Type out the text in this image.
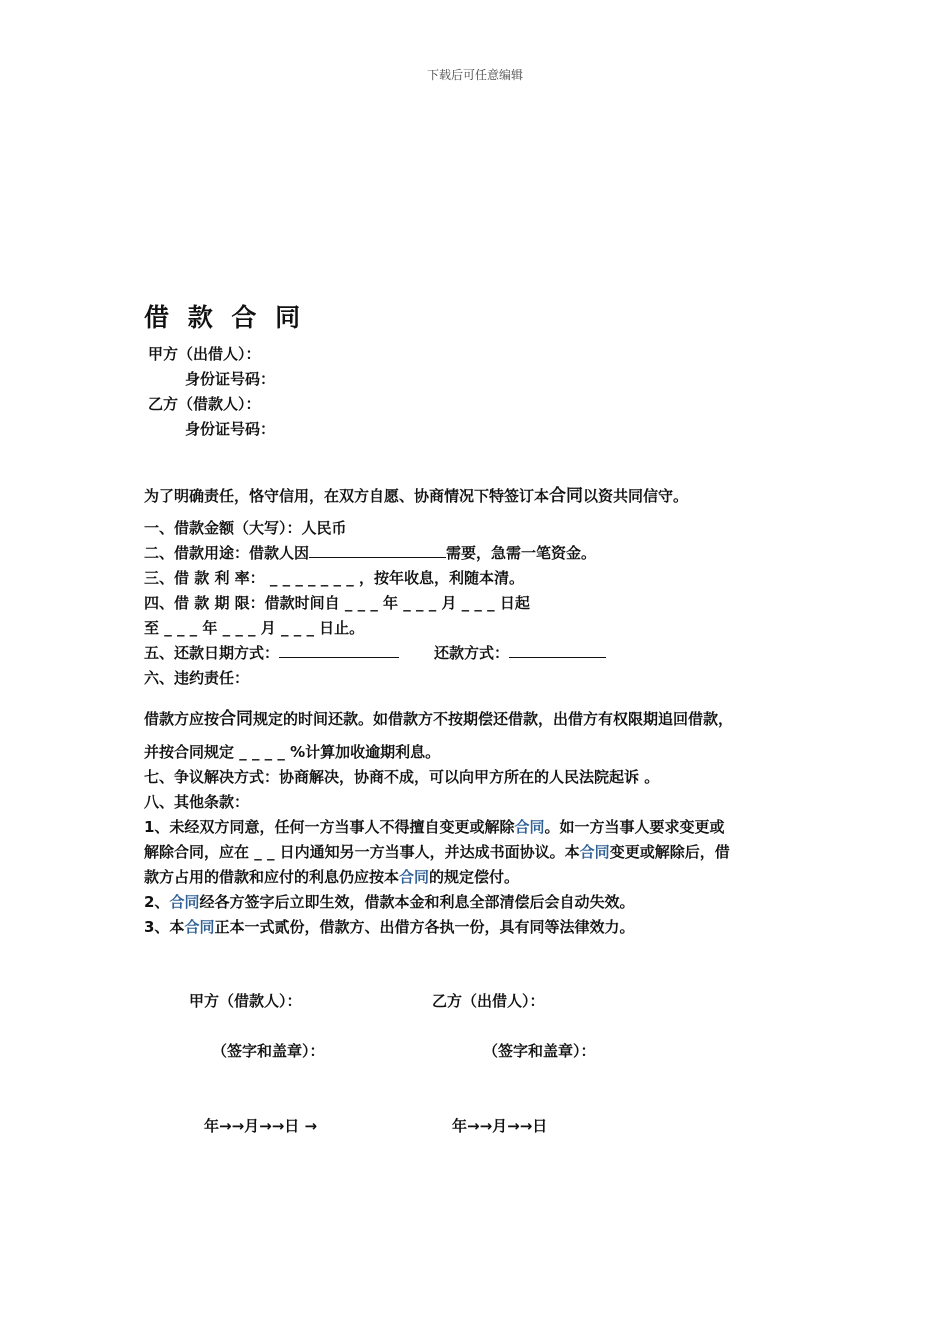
下载后可任意编辑
借 款 合 同
甲方（出借人）：
身份证号码：
乙方（借款人）：
身份证号码：
为了明确责任，恪守信用，在双方自愿、协商情况下特签订本合同以资共同信守。
一、借款金额（大写）：人民币
二、借款用途：借款人因	需要，急需一笔资金。
三、借 款 利 率： _ _ _ _ _ _ _ ，按年收息，利随本清。
四、借 款 期 限：借款时间自 _ _ _ 年 _ _ _ 月 _ _ _ 日起
至 _ _ _ 年 _ _ _ 月 _ _ _ 日止。
五、还款日期方式：	还款方式：
六、违约责任：
借款方应按合同规定的时间还款。如借款方不按期偿还借款，出借方有权限期追回借款，
并按合同规定 _ _ _ _ %计算加收逾期利息。
七、争议解决方式：协商解决，协商不成，可以向甲方所在的人民法院起诉 。
八、其他条款：
1、未经双方同意，任何一方当事人不得擅自变更或解除合同。如一方当事人要求变更或
解除合同，应在 _ _ 日内通知另一方当事人，并达成书面协议。本合同变更或解除后，借
款方占用的借款和应付的利息仍应按本合同的规定偿付。
2、合同经各方签字后立即生效，借款本金和利息全部清偿后会自动失效。
3、本合同正本一式贰份，借款方、出借方各执一份，具有同等法律效力。
甲方（借款人）：	乙方（出借人）：
（签字和盖章）：	（签字和盖章）：
年→→月→→日 →	年→→月→→日
